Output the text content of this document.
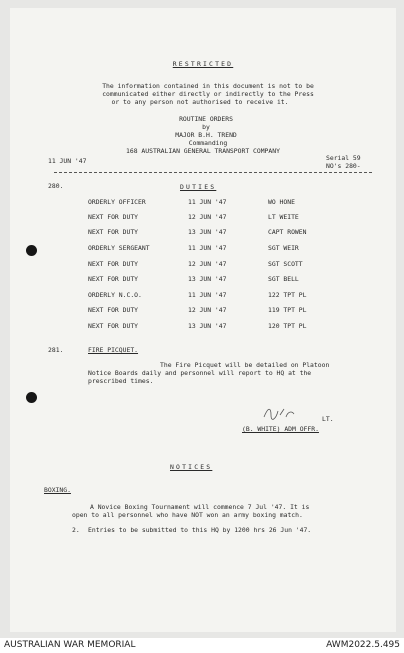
RESTRICTED
The information contained in this document is not to be
communicated either directly or indirectly to the Press
or to any person not authorised to receive it.
ROUTINE ORDERS
by
MAJOR B.H. TREND
Commanding
168 AUSTRALIAN GENERAL TRANSPORT COMPANY
11 JUN '47	Serial 59
NO's 280-
280.	DUTIES
ORDERLY OFFICER	11 JUN '47	WO HONE
NEXT FOR DUTY	12 JUN '47	LT WEITE
NEXT FOR DUTY	13 JUN '47	CAPT ROWEN
ORDERLY SERGEANT	11 JUN '47	SGT WEIR
NEXT FOR DUTY	12 JUN '47	SGT SCOTT
NEXT FOR DUTY	13 JUN '47	SGT BELL
ORDERLY N.C.O.	11 JUN '47	122 TPT PL
NEXT FOR DUTY	12 JUN '47	119 TPT PL
NEXT FOR DUTY	13 JUN '47	120 TPT PL
281.	FIRE PICQUET.
The Fire Picquet will be detailed on Platoon
Notice Boards daily and personnel will report to HQ at the
prescribed times.
LT.
(B. WHITE) ADM OFFR.
NOTICES
BOXING.
A Novice Boxing Tournament will commence 7 Jul '47. It is
open to all personnel who have NOT won an army boxing match.
2. Entries to be submitted to this HQ by 1200 hrs 26 Jun '47.
AUSTRALIAN WAR MEMORIAL	AWM2022.5.495
